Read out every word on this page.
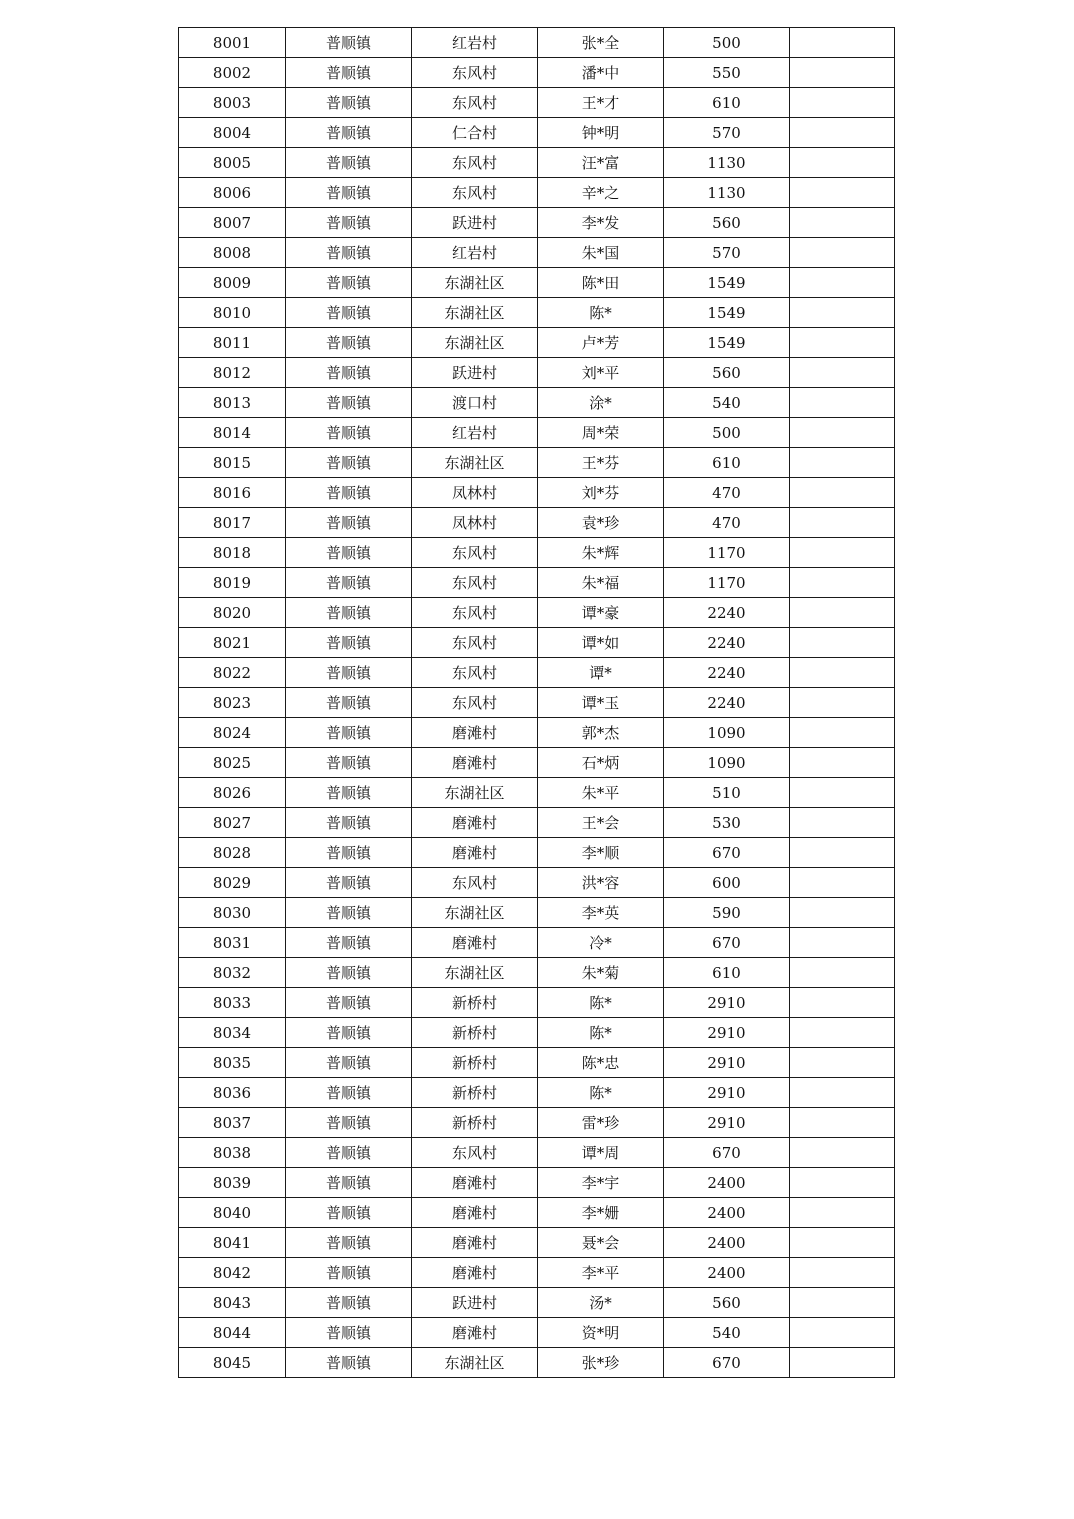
8001	普顺镇	红岩村	张*全	500	
8002	普顺镇	东风村	潘*中	550	
8003	普顺镇	东风村	王*才	610	
8004	普顺镇	仁合村	钟*明	570	
8005	普顺镇	东风村	汪*富	1130	
8006	普顺镇	东风村	辛*之	1130	
8007	普顺镇	跃进村	李*发	560	
8008	普顺镇	红岩村	朱*国	570	
8009	普顺镇	东湖社区	陈*田	1549	
8010	普顺镇	东湖社区	陈*	1549	
8011	普顺镇	东湖社区	卢*芳	1549	
8012	普顺镇	跃进村	刘*平	560	
8013	普顺镇	渡口村	涂*	540	
8014	普顺镇	红岩村	周*荣	500	
8015	普顺镇	东湖社区	王*芬	610	
8016	普顺镇	凤林村	刘*芬	470	
8017	普顺镇	凤林村	袁*珍	470	
8018	普顺镇	东风村	朱*辉	1170	
8019	普顺镇	东风村	朱*福	1170	
8020	普顺镇	东风村	谭*豪	2240	
8021	普顺镇	东风村	谭*如	2240	
8022	普顺镇	东风村	谭*	2240	
8023	普顺镇	东风村	谭*玉	2240	
8024	普顺镇	磨滩村	郭*杰	1090	
8025	普顺镇	磨滩村	石*炳	1090	
8026	普顺镇	东湖社区	朱*平	510	
8027	普顺镇	磨滩村	王*会	530	
8028	普顺镇	磨滩村	李*顺	670	
8029	普顺镇	东风村	洪*容	600	
8030	普顺镇	东湖社区	李*英	590	
8031	普顺镇	磨滩村	冷*	670	
8032	普顺镇	东湖社区	朱*菊	610	
8033	普顺镇	新桥村	陈*	2910	
8034	普顺镇	新桥村	陈*	2910	
8035	普顺镇	新桥村	陈*忠	2910	
8036	普顺镇	新桥村	陈*	2910	
8037	普顺镇	新桥村	雷*珍	2910	
8038	普顺镇	东风村	谭*周	670	
8039	普顺镇	磨滩村	李*宇	2400	
8040	普顺镇	磨滩村	李*姗	2400	
8041	普顺镇	磨滩村	聂*会	2400	
8042	普顺镇	磨滩村	李*平	2400	
8043	普顺镇	跃进村	汤*	560	
8044	普顺镇	磨滩村	资*明	540	
8045	普顺镇	东湖社区	张*珍	670	
